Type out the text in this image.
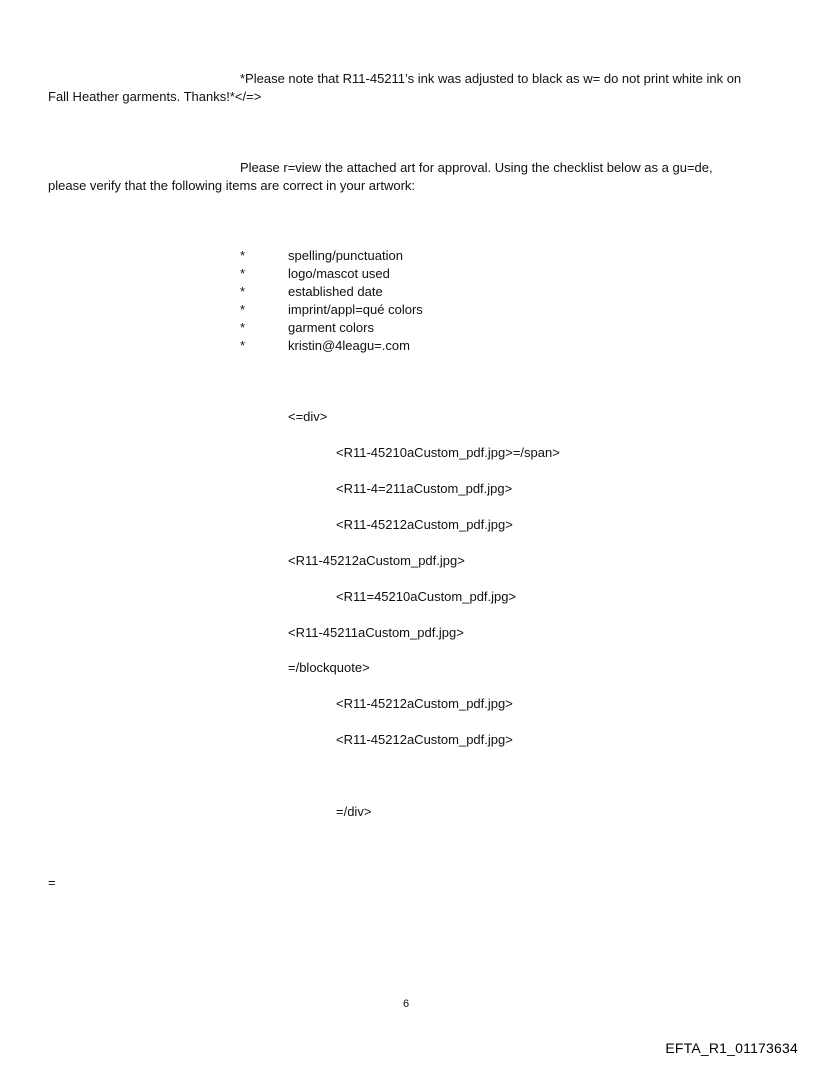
*Please note that R11-45211’s ink was adjusted to black as w= do not print white ink on
Fall Heather garments. Thanks!*</=>
Please r=view the attached art for approval. Using the checklist below as a gu=de,
please verify that the following items are correct in your artwork:
*	spelling/punctuation
*	logo/mascot used
*	established date
*	imprint/appl=qué colors
*	garment colors
*	kristin@4leagu=.com
<=div>
<R11-45210aCustom_pdf.jpg>=/span>
<R11-4=211aCustom_pdf.jpg>
<R11-45212aCustom_pdf.jpg>
<R11-45212aCustom_pdf.jpg>
<R11=45210aCustom_pdf.jpg>
<R11-45211aCustom_pdf.jpg>
=/blockquote>
<R11-45212aCustom_pdf.jpg>
<R11-45212aCustom_pdf.jpg>
=/div>
=
6
EFTA_R1_01173634
